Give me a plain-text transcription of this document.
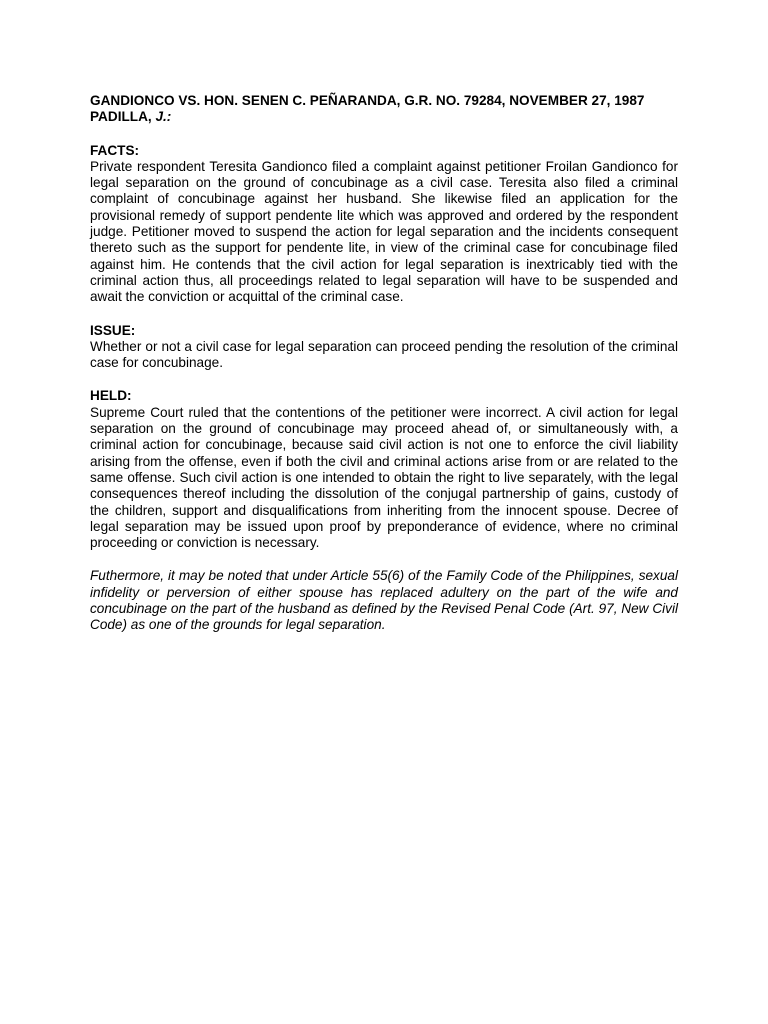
GANDIONCO VS. HON. SENEN C. PEÑARANDA, G.R. NO. 79284, NOVEMBER 27, 1987

PADILLA, J.:

FACTS:

Private respondent Teresita Gandionco filed a complaint against petitioner Froilan Gandionco for legal separation on the ground of concubinage as a civil case. Teresita also filed a criminal complaint of concubinage against her husband. She likewise filed an application for the provisional remedy of support pendente lite which was approved and ordered by the respondent judge. Petitioner moved to suspend the action for legal separation and the incidents consequent thereto such as the support for pendente lite, in view of the criminal case for concubinage filed against him. He contends that the civil action for legal separation is inextricably tied with the criminal action thus, all proceedings related to legal separation will have to be suspended and await the conviction or acquittal of the criminal case.

ISSUE:

Whether or not a civil case for legal separation can proceed pending the resolution of the criminal case for concubinage.

HELD:

Supreme Court ruled that the contentions of the petitioner were incorrect. A civil action for legal separation on the ground of concubinage may proceed ahead of, or simultaneously with, a criminal action for concubinage, because said civil action is not one to enforce the civil liability arising from the offense, even if both the civil and criminal actions arise from or are related to the same offense. Such civil action is one intended to obtain the right to live separately, with the legal consequences thereof including the dissolution of the conjugal partnership of gains, custody of the children, support and disqualifications from inheriting from the innocent spouse. Decree of legal separation may be issued upon proof by preponderance of evidence, where no criminal proceeding or conviction is necessary.

Futhermore, it may be noted that under Article 55(6) of the Family Code of the Philippines, sexual infidelity or perversion of either spouse has replaced adultery on the part of the wife and concubinage on the part of the husband as defined by the Revised Penal Code (Art. 97, New Civil Code) as one of the grounds for legal separation.
